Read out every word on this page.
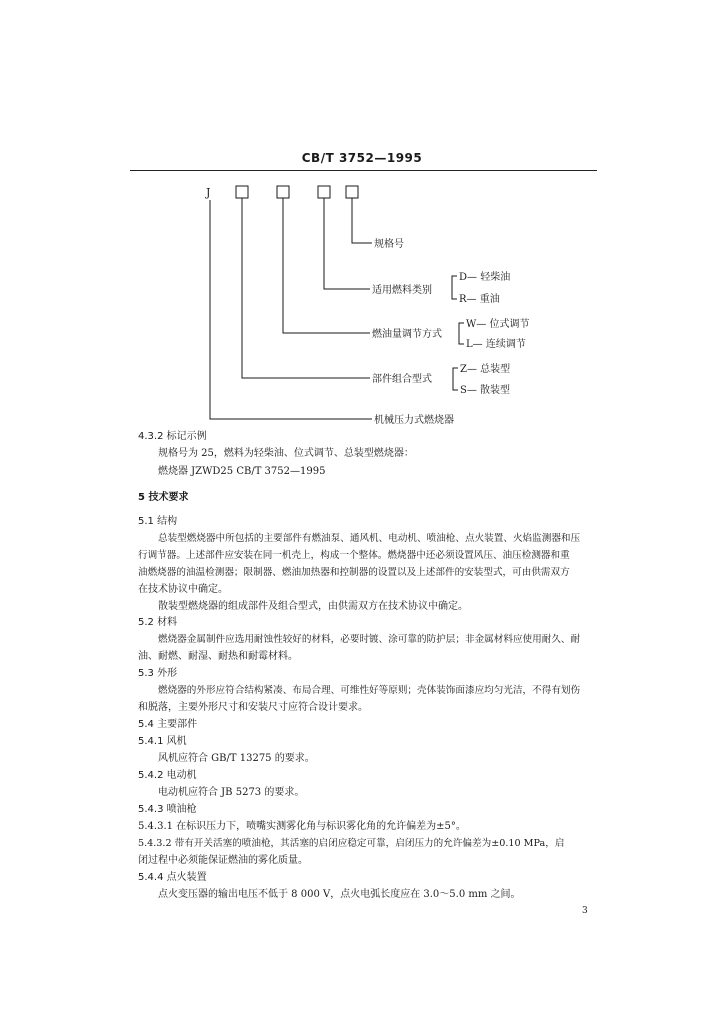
CB/T 3752—1995
J
规格号
适用燃料类别
D— 轻柴油
R— 重油
燃油量调节方式
W— 位式调节
L— 连续调节
部件组合型式
Z— 总装型
S— 散装型
机械压力式燃烧器
4.3.2 标记示例
规格号为 25，燃料为轻柴油、位式调节、总装型燃烧器：
燃烧器 JZWD25 CB/T 3752—1995
5 技术要求
5.1 结构
总装型燃烧器中所包括的主要部件有燃油泵、通风机、电动机、喷油枪、点火装置、火焰监测器和压
行调节器。上述部件应安装在同一机壳上，构成一个整体。燃烧器中还必须设置风压、油压检测器和重
油燃烧器的油温检测器；限制器、燃油加热器和控制器的设置以及上述部件的安装型式，可由供需双方
在技术协议中确定。
散装型燃烧器的组成部件及组合型式，由供需双方在技术协议中确定。
5.2 材料
燃烧器金属制件应选用耐蚀性较好的材料，必要时镀、涂可靠的防护层；非金属材料应使用耐久、耐
油、耐燃、耐湿、耐热和耐霉材料。
5.3 外形
燃烧器的外形应符合结构紧凑、布局合理、可维性好等原则；壳体装饰面漆应均匀光洁，不得有划伤
和脱落，主要外形尺寸和安装尺寸应符合设计要求。
5.4 主要部件
5.4.1 风机
风机应符合 GB/T 13275 的要求。
5.4.2 电动机
电动机应符合 JB 5273 的要求。
5.4.3 喷油枪
5.4.3.1 在标识压力下，喷嘴实测雾化角与标识雾化角的允许偏差为±5°。
5.4.3.2 带有开关活塞的喷油枪，其活塞的启闭应稳定可靠，启闭压力的允许偏差为±0.10 MPa，启
闭过程中必须能保证燃油的雾化质量。
5.4.4 点火装置
点火变压器的输出电压不低于 8 000 V，点火电弧长度应在 3.0～5.0 mm 之间。
3
